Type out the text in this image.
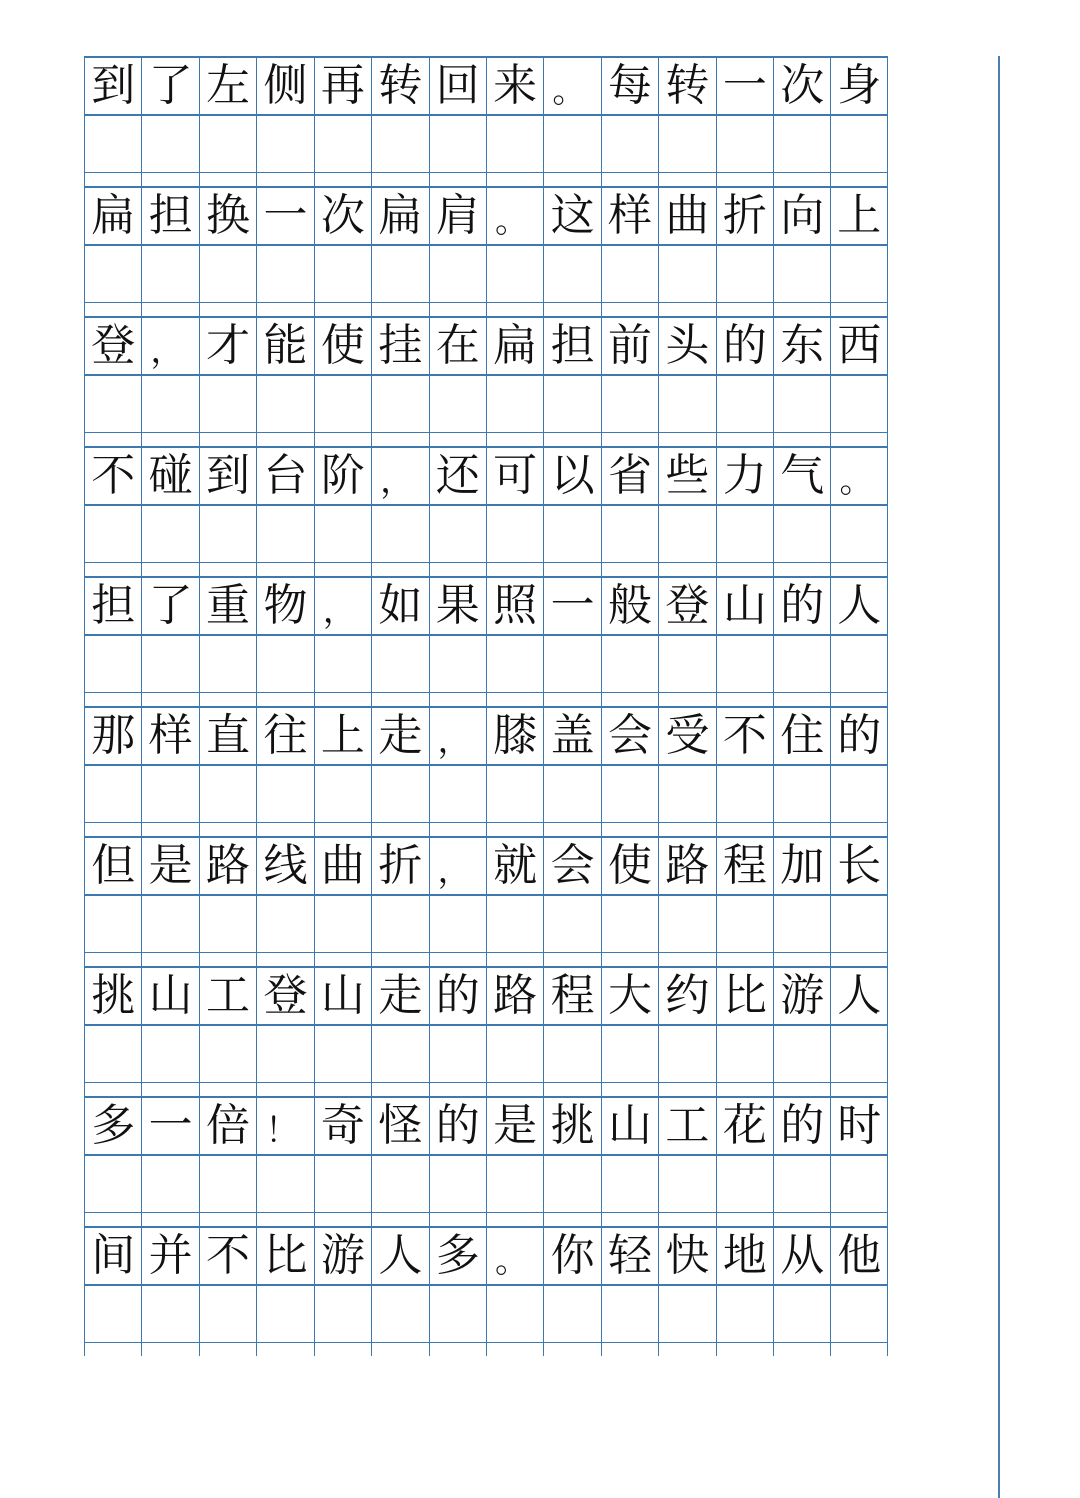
到 了 左 侧 再 转 回 来 。 每 转 一 次 身
扁 担 换 一 次 扁 肩 。 这 样 曲 折 向 上
登 ， 才 能 使 挂 在 扁 担 前 头 的 东 西
不 碰 到 台 阶 ， 还 可 以 省 些 力 气 。
担 了 重 物 ， 如 果 照 一 般 登 山 的 人
那 样 直 往 上 走 ， 膝 盖 会 受 不 住 的
但 是 路 线 曲 折 ， 就 会 使 路 程 加 长
挑 山 工 登 山 走 的 路 程 大 约 比 游 人
多 一 倍 ！ 奇 怪 的 是 挑 山 工 花 的 时
间 并 不 比 游 人 多 。 你 轻 快 地 从 他
